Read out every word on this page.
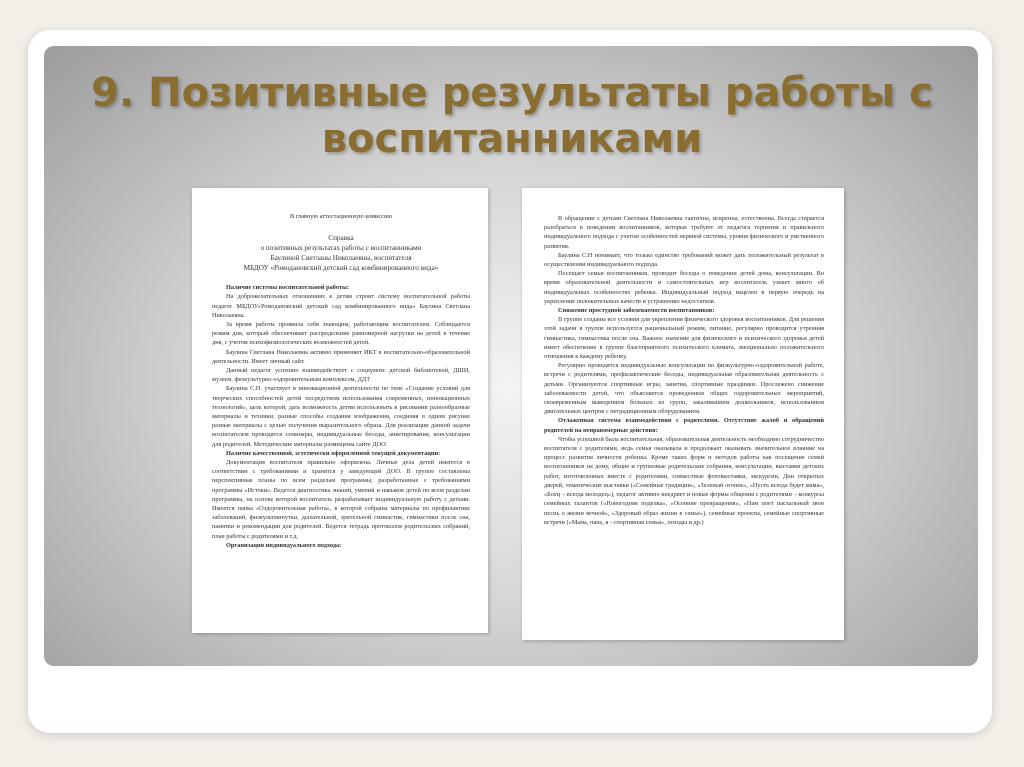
9. Позитивные результаты работы с воспитанниками

В главную аттестационную комиссию

Справка

о позитивных результатах работы с воспитанниками

Баулиной Светланы Николаевны, воспитателя

МБДОУ «Ромодановский детский сад комбинированного вида»

Наличие системы воспитательной работы:

На доброжелательных отношениях к детям строит систему воспитательной работы педагог МБДОУ«Ромодановский детский сад комбинированного вида» Баулина Светлана Николаевна.

За время работы проявила себя знающим, работающим воспитателем. Соблюдается режим дня, который обеспечивает распределение равномерной нагрузки на детей в течение дня, с учетом психофизиологических возможностей детей.

Баулина Светлана Николаевна активно применяет ИКТ в воспитательно-образовательной деятельности. Имеет личный сайт.

Данный педагог успешно взаимодействует с социумом: детской библиотекой, ДШИ, музеем, физкультурно-оздоровительным комплексом, ДДТ

Баулина С.Н. участвует в инновационной деятельности по теме «Создание условий для творческих способностей детей посредством использования современных, инновационных технологий», цель которой, дать возможность детям использовать в рисовании разнообразные материалы и техники, разные способы создания изображения, соединяя в одном рисунке разные материалы с целью получения выразительного образа. Для реализации данной задачи воспитателем проводятся семинары, индивидуальные беседы, анкетирования, консультации для родителей. Методические материалы размещены сайте ДОО.

Наличие качественной, эстетически оформленной текущей документации:

Документация воспитателя правильно оформлена. Личные дела детей имеются в соответствии с требованиями и хранятся у заведующей ДОО. В группе составлены перспективные планы по всем разделам программы, разработанные с требованиями программы «Истоки». Ведется диагностика знаний, умений и навыков детей по всем разделам программы, на основе которой воспитатель разрабатывает индивидуальную работу с детьми. Имеется папка «Оздоровительная работа», в которой собраны материалы по профилактике заболеваний, физкультминутки, дыхательной, зрительной гимнастик, гимнастики после сна, памятки и рекомендации для родителей. Ведется тетрадь протоколов родительских собраний, план работы с родителями и т.д.

Организация индивидуального подхода:

В обращении с детьми Светлана Николаевна тактична, искренна, естественна. Всегда старается разобраться в поведении воспитанников, которые требуют от педагога терпения и правильного индивидуального подхода с учетом особенностей нервной системы, уровня физического и умственного развития.

Баулина С.Н понимает, что только единство требований может дать положительный результат в осуществлении индивидуального подхода.

Посещает семьи воспитанников, проводит беседы о поведении детей дома, консультации. Во время образовательной деятельности и самостоятельных игр воспитатель узнает много об индивидуальных особенностях ребенка. Индивидуальный подход нацелен в первую очередь на укрепление положительных качеств и устранению недостатков.

Снижение простудной заболеваемости воспитанников:

В группе созданы все условия для укрепления физического здоровья воспитанников. Для решения этой задачи в группе используется рациональный режим, питание, регулярно проводится утренняя гимнастика, гимнастика после сна. Важное значение для физического и психического здоровья детей имеет обеспечение в группе благоприятного психического климата, эмоционально положительного отношения к каждому ребенку.

Регулярно проводятся индивидуальные консультации по физкультурно-оздоровительной работе, встречи с родителями, профилактические беседы, индивидуальная образовательная деятельность с детьми. Организуются спортивные игры, занятия, спортивные праздники. Прослежено снижение заболеваемости детей, что объясняется проведением общих оздоровительных мероприятий, своевременным выведением больных из групп, закаливанием дошкольников, использованием двигательных центров с нетрадиционным оборудованием.

Отлаженная система взаимодействия с родителями. Отсутствие жалоб и обращений родителей на неправомерные действия:

Чтобы успешной была воспитательная, образовательная деятельность необходимо сотрудничество воспитателя с родителями, ведь семья оказывала и продолжает оказывать значительное влияние на процесс развития личности ребенка. Кроме таких форм и методов работы как посещение семей воспитанников на дому, общие и групповые родительские собрания, консультации, выставки детских работ, изготовленных вместе с родителями, совместные фотовыставки, экскурсии, Дни открытых дверей, тематические выставки («Семейные традиции», «Зеленый огонек», «Пусть всегда будет мама», «Боец – всегда молодец»), педагог активно внедряет и новые формы общения с родителями – конкурсы семейных талантов («Новогодняя поделка», «Осенние превращения», «Нам поет пасхальный звон песнь о жизни вечной», «Здоровый образ жизни в семье»), семейные проекты, семейные спортивные встречи («Мама, папа, я - спортивная семья», походы и др.)
